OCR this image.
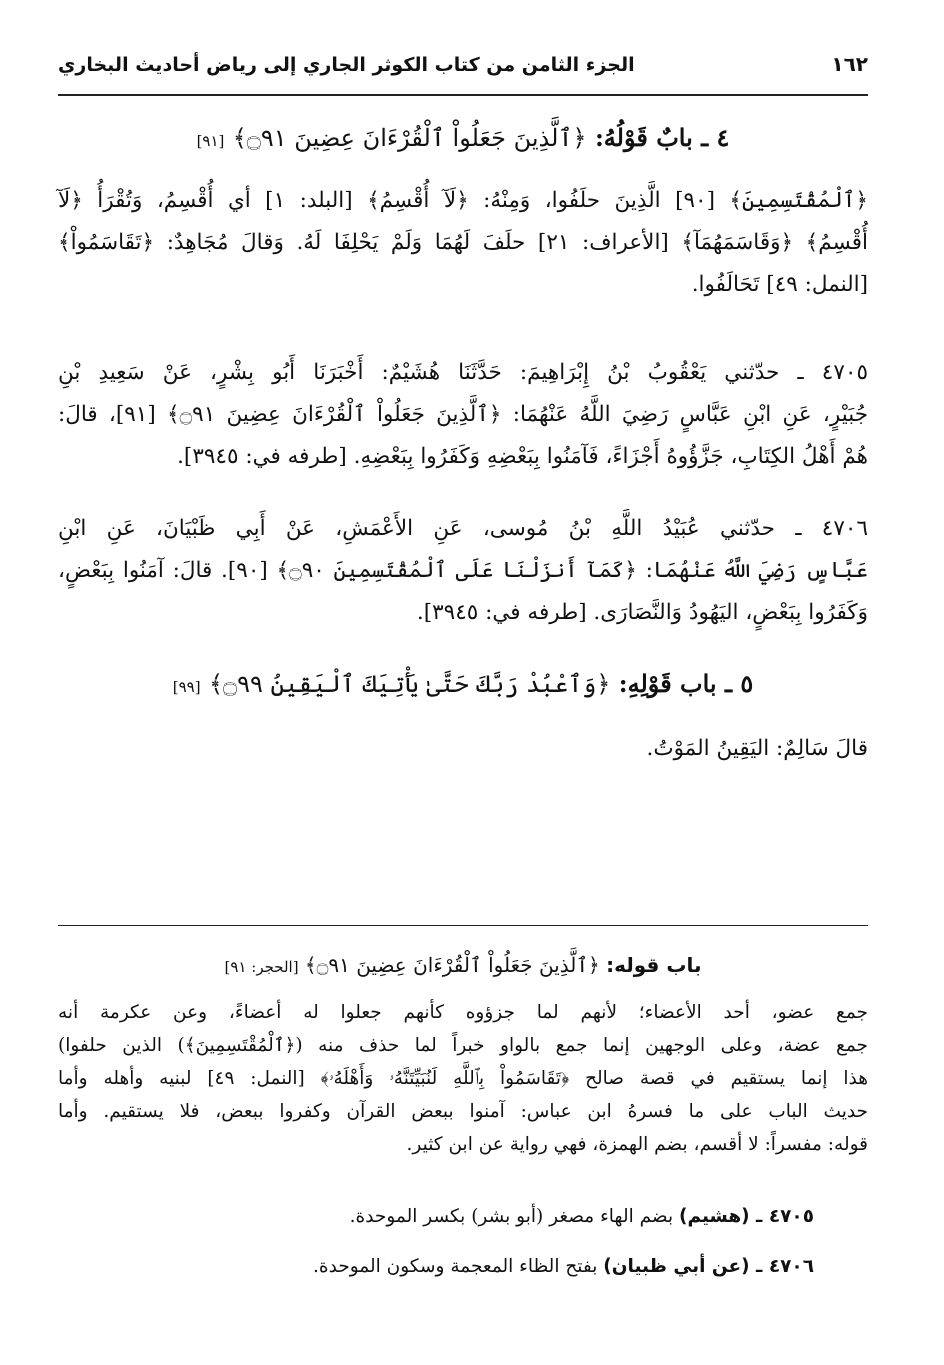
١٦٢
الجزء الثامن من كتاب الكوثر الجاري إلى رياض أحاديث البخاري
٤ ـ بابٌ قَوْلُهُ: ﴿ٱلَّذِينَ جَعَلُواْ ٱلْقُرْءَانَ عِضِينَ ۝٩١﴾ [٩١]
﴿ٱلْمُقْتَسِمِينَ﴾ [٩٠] الَّذِينَ حلَفُوا، وَمِنْهُ: ﴿لَآ أُقْسِمُ﴾ [البلد: ١] أي أُقْسِمُ، وَتُقْرَأُ ﴿لَآ
أُقْسِمُ﴾ ﴿وَقَاسَمَهُمَآ﴾ [الأعراف: ٢١] حلَفَ لَهُمَا وَلَمْ يَحْلِفَا لَهُ. وَقالَ مُجَاهِدٌ: ﴿تَقَاسَمُواْ﴾
[النمل: ٤٩] تَحَالَفُوا.
٤٧٠٥ ـ حدّثني يَعْقُوبُ بْنُ إِبْرَاهِيمَ: حَدَّثَنَا هُشَيْمٌ: أَخْبَرَنَا أَبُو بِشْرٍ، عَنْ سَعِيدِ بْنِ
جُبَيْرٍ، عَنِ ابْنِ عَبَّاسٍ رَضِيَ اللَّهُ عَنْهُمَا: ﴿ٱلَّذِينَ جَعَلُواْ ٱلْقُرْءَانَ عِضِينَ ۝٩١﴾ [٩١]، قالَ:
هُمْ أَهْلُ الكِتَابِ، جَزَّؤُوهُ أَجْزَاءً، فَآمَنُوا بِبَعْضِهِ وَكَفَرُوا بِبَعْضِهِ. [طرفه في: ٣٩٤٥].
٤٧٠٦ ـ حدّثني عُبَيْدُ اللَّهِ بْنُ مُوسى، عَنِ الأَعْمَشِ، عَنْ أَبِي ظَبْيَانَ، عَنِ ابْنِ
عَبَّاسٍ رَضِيَ اللَّهُ عَنْهُمَا: ﴿كَمَآ أَنزَلْنَا عَلَى ٱلْمُقْتَسِمِينَ ۝٩٠﴾ [٩٠]. قالَ: آمَنُوا بِبَعْضٍ،
وَكَفَرُوا بِبَعْضٍ، اليَهُودُ وَالنَّصَارَى. [طرفه في: ٣٩٤٥].
٥ ـ باب قَوْلِهِ: ﴿وَٱعْبُدْ رَبَّكَ حَتَّىٰ يَأْتِيَكَ ٱلْيَقِينُ ۝٩٩﴾ [٩٩]
قالَ سَالِمٌ: اليَقِينُ المَوْتُ.
باب قوله: ﴿ٱلَّذِينَ جَعَلُواْ ٱلْقُرْءَانَ عِضِينَ ۝٩١﴾ [الحجر: ٩١]
جمع عضو، أحد الأعضاء؛ لأنهم لما جزؤوه كأنهم جعلوا له أعضاءً، وعن عكرمة أنه
جمع عضة، وعلى الوجهين إنما جمع بالواو خبراً لما حذف منه (﴿ٱلْمُقْتَسِمِينَ﴾) الذين حلفوا)
هذا إنما يستقيم في قصة صالح ﴿تَقَاسَمُواْ بِٱللَّهِ لَنُبَيِّتَنَّهُۥ وَأَهْلَهُۥ﴾ [النمل: ٤٩] لبنيه وأهله وأما
حديث الباب على ما فسرهُ ابن عباس: آمنوا ببعض القرآن وكفروا ببعض، فلا يستقيم. وأما
قوله: مفسراً: لا أقسم، بضم الهمزة، فهي رواية عن ابن كثير.
٤٧٠٥ ـ (هشيم) بضم الهاء مصغر (أبو بشر) بكسر الموحدة.
٤٧٠٦ ـ (عن أبي ظبيان) بفتح الظاء المعجمة وسكون الموحدة.
